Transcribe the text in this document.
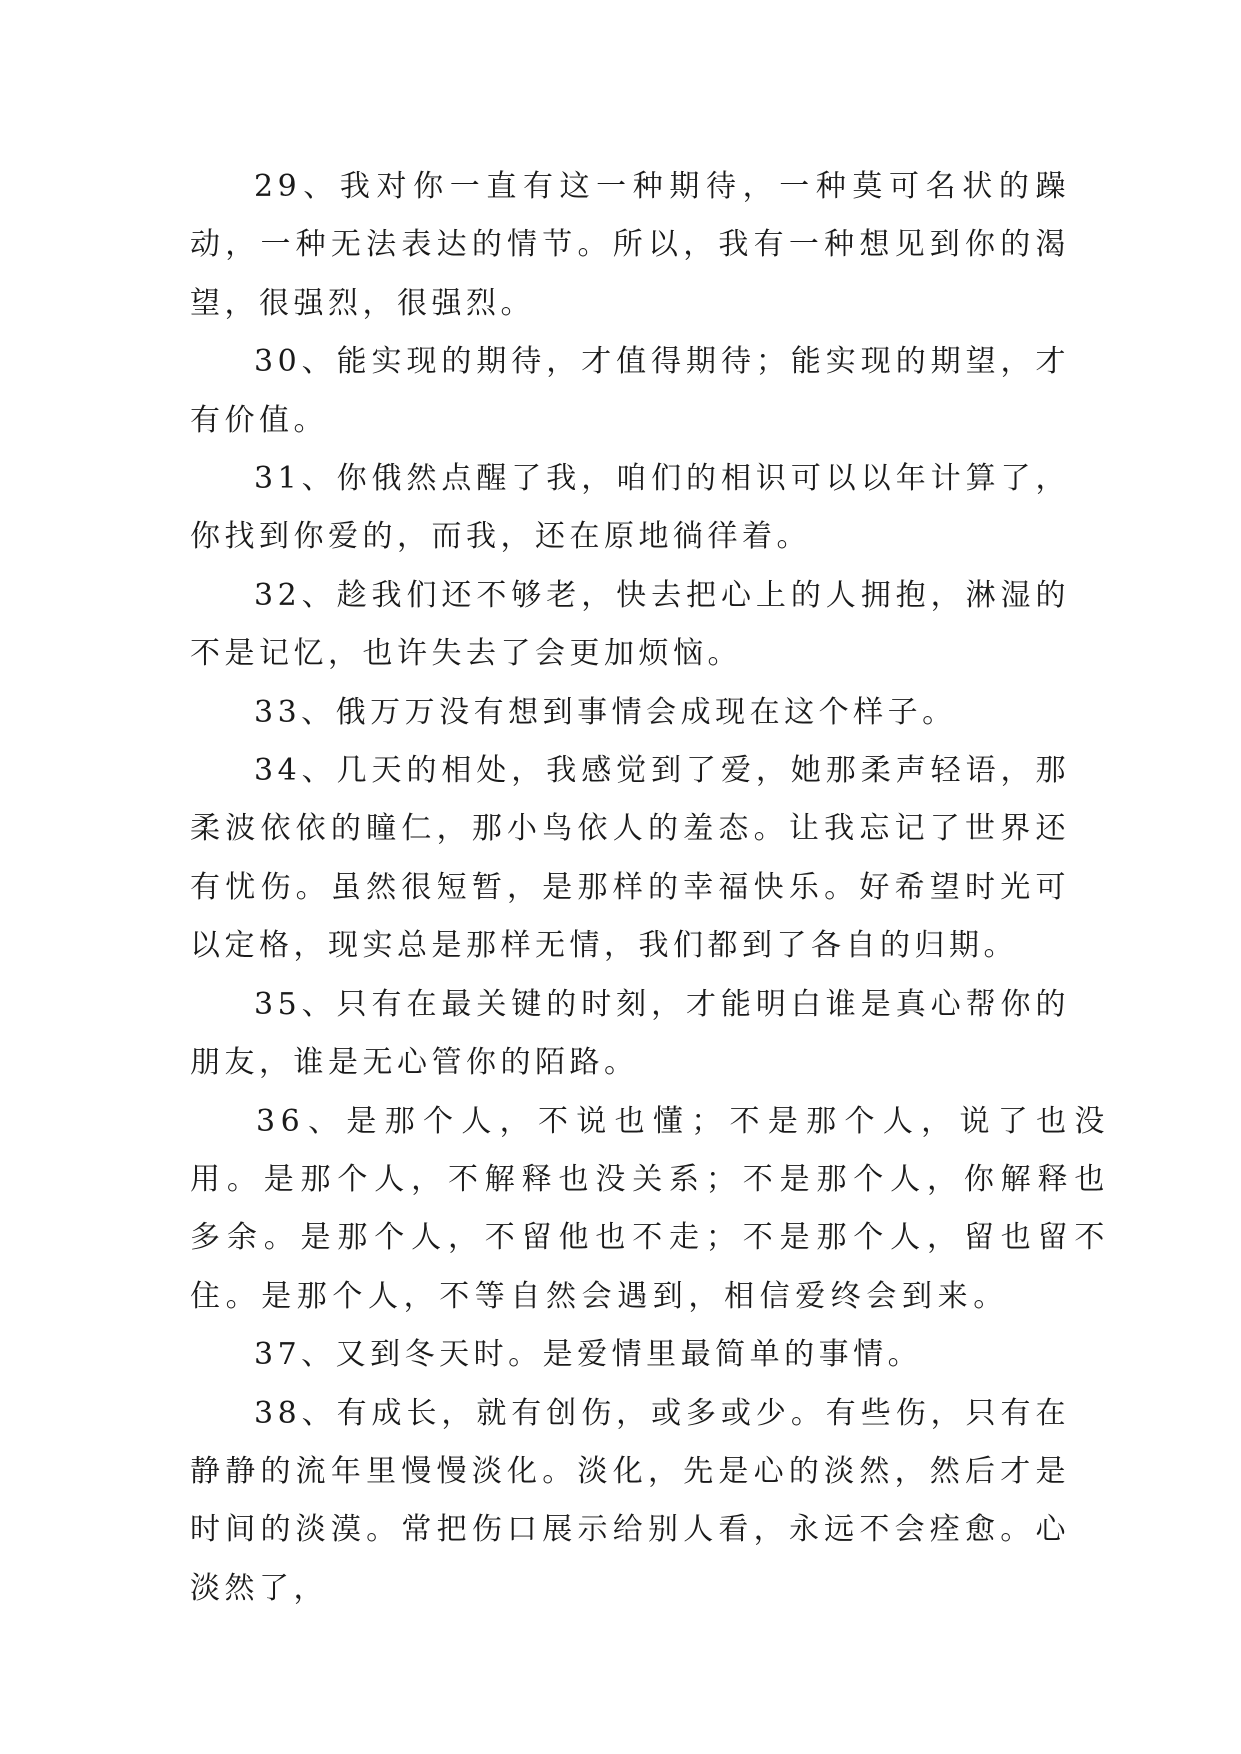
29、我对你一直有这一种期待，一种莫可名状的躁动，一种无法表达的情节。所以，我有一种想见到你的渴望，很强烈，很强烈。

30、能实现的期待，才值得期待；能实现的期望，才有价值。

31、你俄然点醒了我，咱们的相识可以以年计算了，你找到你爱的，而我，还在原地徜徉着。

32、趁我们还不够老，快去把心上的人拥抱，淋湿的不是记忆，也许失去了会更加烦恼。

33、俄万万没有想到事情会成现在这个样子。

34、几天的相处，我感觉到了爱，她那柔声轻语，那柔波依依的瞳仁，那小鸟依人的羞态。让我忘记了世界还有忧伤。虽然很短暂，是那样的幸福快乐。好希望时光可以定格，现实总是那样无情，我们都到了各自的归期。

35、只有在最关键的时刻，才能明白谁是真心帮你的朋友，谁是无心管你的陌路。

36、是那个人，不说也懂；不是那个人，说了也没用。是那个人，不解释也没关系；不是那个人，你解释也多余。是那个人，不留他也不走；不是那个人，留也留不住。是那个人，不等自然会遇到，相信爱终会到来。

37、又到冬天时。是爱情里最简单的事情。

38、有成长，就有创伤，或多或少。有些伤，只有在静静的流年里慢慢淡化。淡化，先是心的淡然，然后才是时间的淡漠。常把伤口展示给别人看，永远不会痊愈。心淡然了，
